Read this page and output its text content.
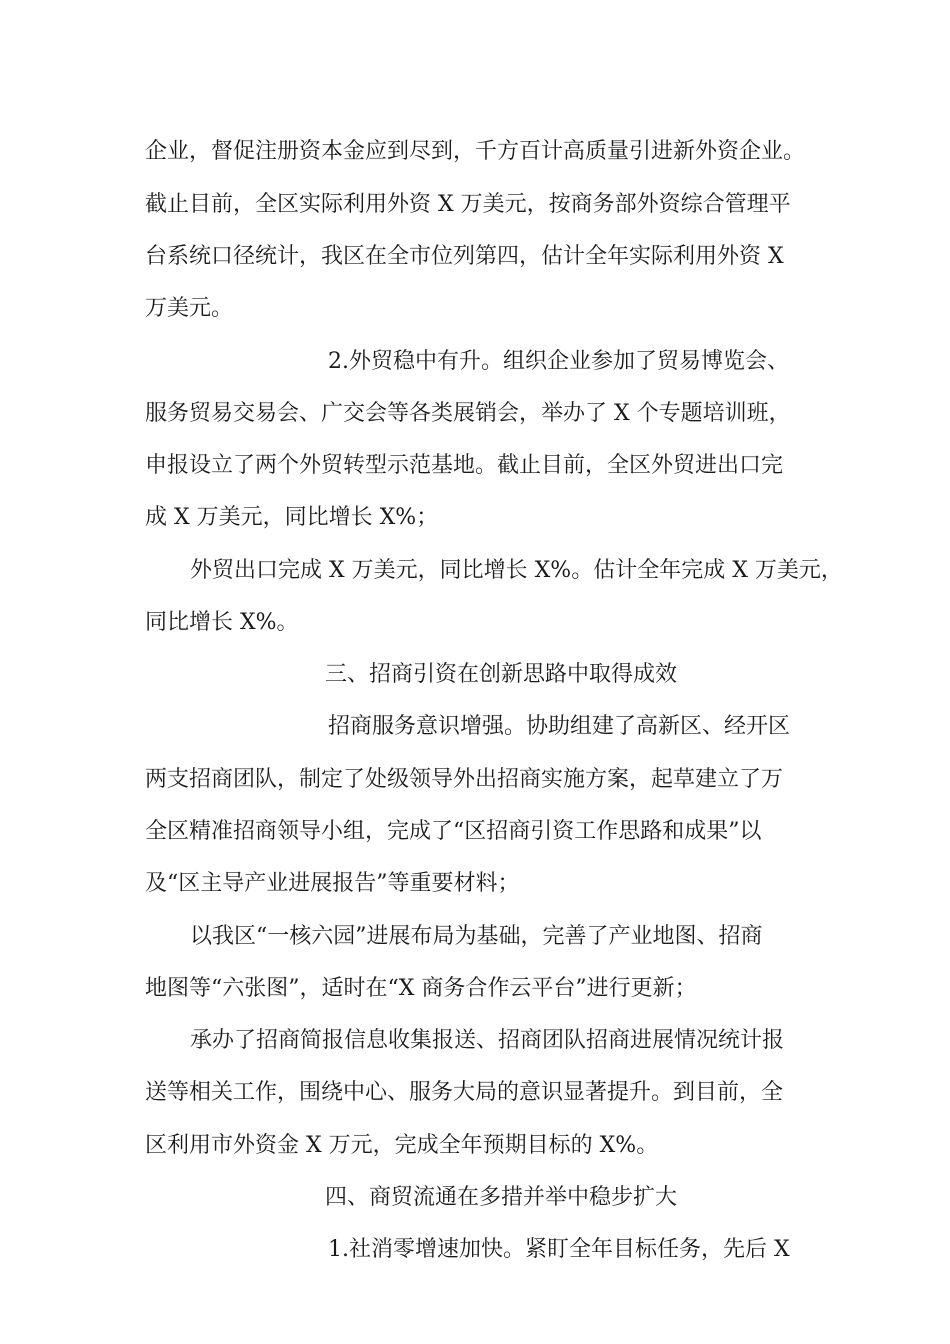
企业，督促注册资本金应到尽到，千方百计高质量引进新外资企业。
截止目前，全区实际利用外资 X 万美元，按商务部外资综合管理平
台系统口径统计，我区在全市位列第四，估计全年实际利用外资 X
万美元。
2.外贸稳中有升。组织企业参加了贸易博览会、
服务贸易交易会、广交会等各类展销会，举办了 X 个专题培训班，
申报设立了两个外贸转型示范基地。截止目前，全区外贸进出口完
成 X 万美元，同比增长 X%；
外贸出口完成 X 万美元，同比增长 X%。估计全年完成 X 万美元，
同比增长 X%。
三、招商引资在创新思路中取得成效
招商服务意识增强。协助组建了高新区、经开区
两支招商团队，制定了处级领导外出招商实施方案，起草建立了万
全区精准招商领导小组，完成了“区招商引资工作思路和成果”以
及“区主导产业进展报告”等重要材料；
以我区“一核六园”进展布局为基础，完善了产业地图、招商
地图等“六张图”，适时在“X 商务合作云平台”进行更新；
承办了招商简报信息收集报送、招商团队招商进展情况统计报
送等相关工作，围绕中心、服务大局的意识显著提升。到目前，全
区利用市外资金 X 万元，完成全年预期目标的 X%。
四、商贸流通在多措并举中稳步扩大
1.社消零增速加快。紧盯全年目标任务，先后 X
